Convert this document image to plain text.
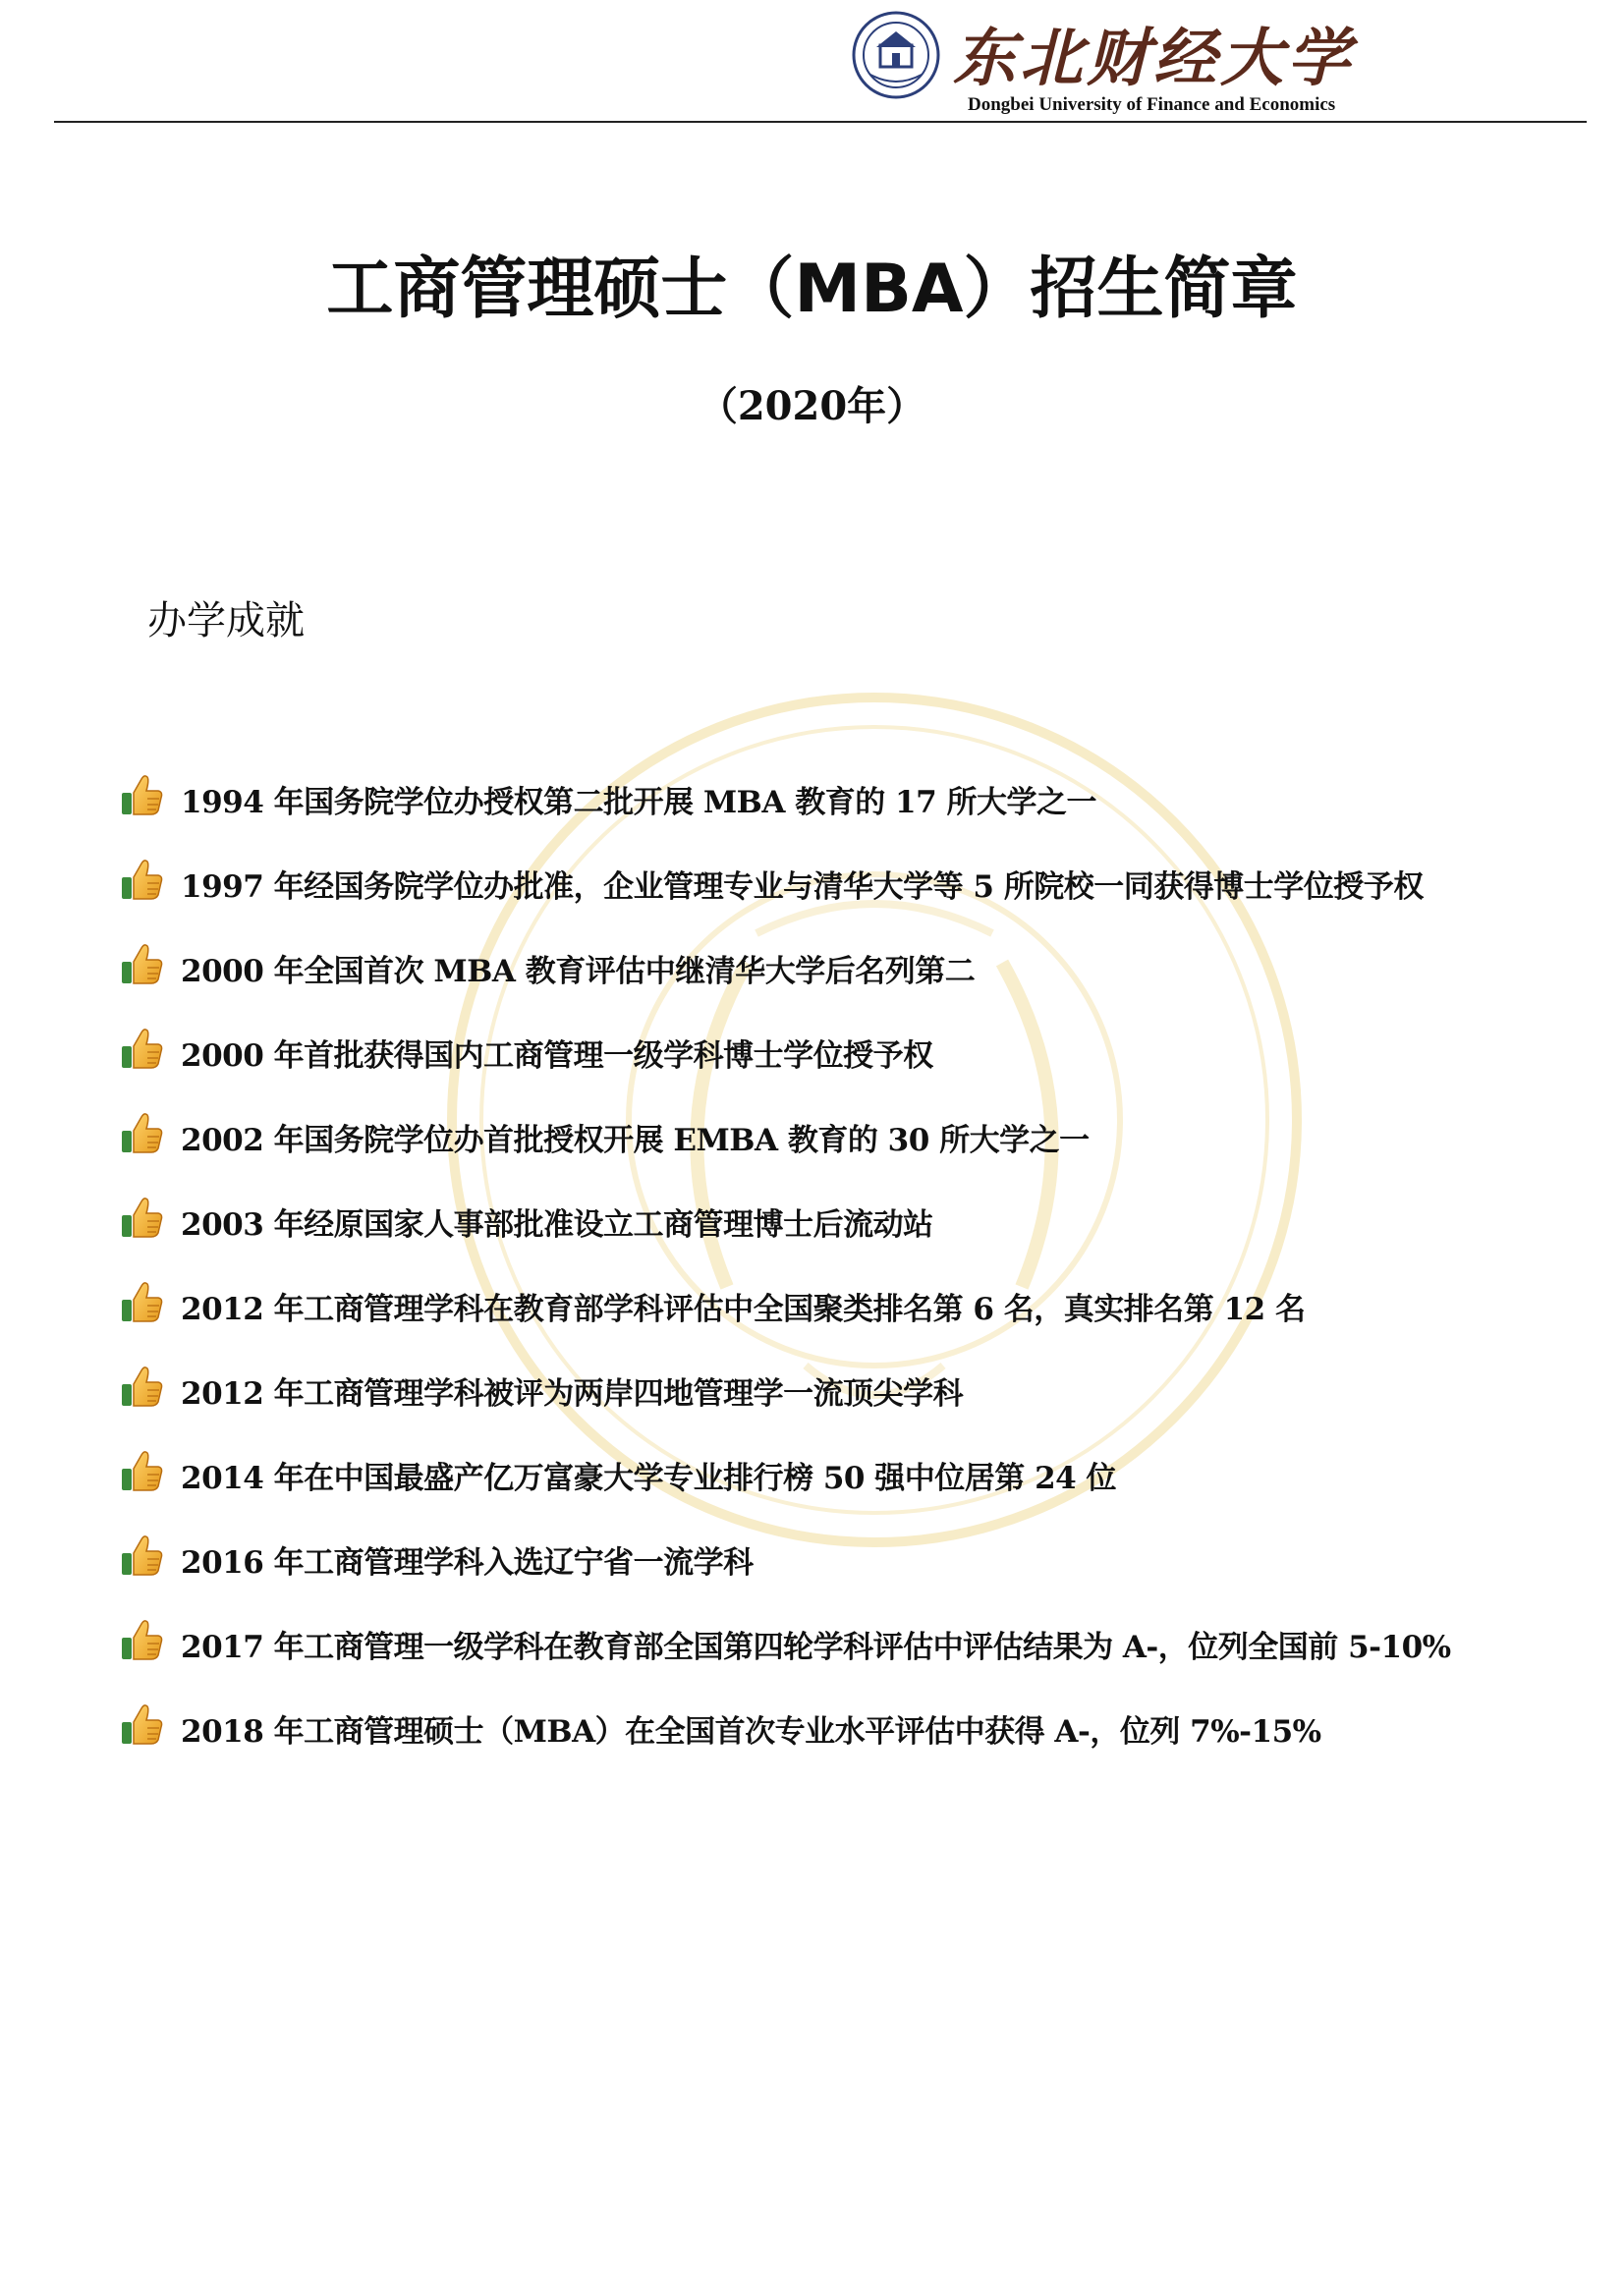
东北财经大学
Dongbei University of Finance and Economics
工商管理硕士（MBA）招生简章
（2020年）
办学成就
1994 年国务院学位办授权第二批开展 MBA 教育的 17 所大学之一
1997 年经国务院学位办批准，企业管理专业与清华大学等 5 所院校一同获得博士学位授予权
2000 年全国首次 MBA 教育评估中继清华大学后名列第二
2000 年首批获得国内工商管理一级学科博士学位授予权
2002 年国务院学位办首批授权开展 EMBA 教育的 30 所大学之一
2003 年经原国家人事部批准设立工商管理博士后流动站
2012 年工商管理学科在教育部学科评估中全国聚类排名第 6 名，真实排名第 12 名
2012 年工商管理学科被评为两岸四地管理学一流顶尖学科
2014 年在中国最盛产亿万富豪大学专业排行榜 50 强中位居第 24 位
2016 年工商管理学科入选辽宁省一流学科
2017 年工商管理一级学科在教育部全国第四轮学科评估中评估结果为 A-，位列全国前 5-10%
2018 年工商管理硕士（MBA）在全国首次专业水平评估中获得 A-，位列 7%-15%
